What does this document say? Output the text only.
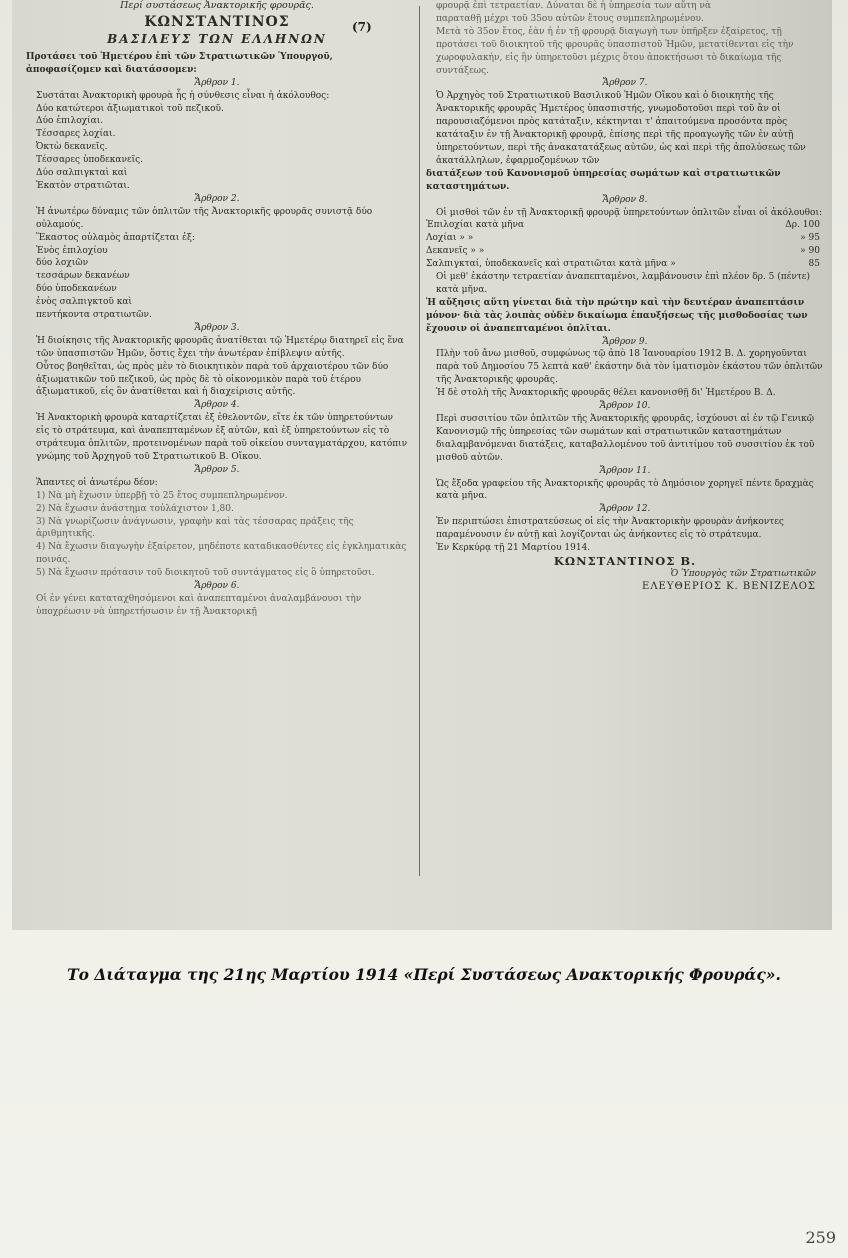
(7)

Περί συστάσεως Ἀνακτορικῆς φρουρᾶς.

ΚΩΝΣΤΑΝΤΙΝΟΣ

ΒΑΣΙΛΕΥΣ ΤΩΝ ΕΛΛΗΝΩΝ

Προτάσει τοῦ Ἡμετέρου ἐπὶ τῶν Στρατιωτικῶν Ὑπουργοῦ, ἀποφασίζομεν καὶ διατάσσομεν:

Ἄρθρον 1.

Συστάται Ἀνακτορικὴ φρουρὰ ἧς ἡ σύνθεσις εἶναι ἡ ἀκόλουθος:

Δύο κατώτεροι ἀξιωματικοὶ τοῦ πεζικοῦ.

Δύο ἐπιλοχίαι.

Τέσσαρες λοχίαι.

Ὀκτὼ δεκανεῖς.

Τέσσαρες ὑποδεκανεῖς.

Δύο σαλπιγκταὶ καὶ

Ἑκατὸν στρατιῶται.

Ἄρθρον 2.

Ἡ ἀνωτέρω δύναμις τῶν ὁπλιτῶν τῆς Ἀνακτορικῆς φρουρᾶς συνιστᾷ δύο οὐλαμούς.

Ἕκαστος οὐλαμὸς ἀπαρτίζεται ἐξ:

Ἑνὸς ἐπιλοχίου

δύο λοχιῶν

τεσσάρων δεκανέων

δύο ὑποδεκανέων

ἑνὸς σαλπιγκτοῦ καὶ

πεντήκοντα στρατιωτῶν.

Ἄρθρον 3.

Ἡ διοίκησις τῆς Ἀνακτορικῆς φρουρᾶς ἀνατίθεται τῷ Ἡμετέρῳ διατηρεῖ εἰς ἕνα τῶν ὑπασπιστῶν Ἡμῶν, ὅστις ἔχει τὴν ἀνωτέραν ἐπίβλεψιν αὐτῆς.

Οὗτος βοηθεῖται, ὡς πρὸς μὲν τὸ διοικητικὸν παρὰ τοῦ ἀρχαιοτέρου τῶν δύο ἀξιωματικῶν τοῦ πεζικοῦ, ὡς πρὸς δὲ τὸ οἰκονομικὸν παρὰ τοῦ ἑτέρου ἀξιωματικοῦ, εἰς ὃν ἀνατίθεται καὶ ἡ διαχείρισις αὐτῆς.

Ἄρθρον 4.

Ἡ Ἀνακτορικὴ φρουρὰ καταρτίζεται ἐξ ἐθελοντῶν, εἴτε ἐκ τῶν ὑπηρετούντων εἰς τὸ στράτευμα, καὶ ἀναπεπταμένων ἐξ αὐτῶν, καὶ ἐξ ὑπηρετούντων εἰς τὸ στράτευμα ὁπλιτῶν, προτεινομένων παρὰ τοῦ οἰκείου συνταγματάρχου, κατόπιν γνώμης τοῦ Ἀρχηγοῦ τοῦ Στρατιωτικοῦ Β. Οἴκου.

Ἄρθρον 5.

Ἅπαντες οἱ ἀνωτέρω δέον:

1) Νὰ μὴ ἔχωσιν ὑπερβῇ τὸ 25 ἔτος συμπεπληρωμένον.

2) Νὰ ἔχωσιν ἀνάστημα τοὐλάχιστον 1,80.

3) Νὰ γνωρίζωσιν ἀνάγνωσιν, γραφὴν καὶ τὰς τέσσαρας πράξεις τῆς ἀριθμητικῆς.

4) Νὰ ἔχωσιν διαγωγὴν ἐξαίρετον, μηδέποτε καταδικασθέντες εἰς ἐγκληματικὰς ποινάς.

5) Νὰ ἔχωσιν πρότασιν τοῦ διοικητοῦ τοῦ συντάγματος εἰς ὃ ὑπηρετοῦσι.

Ἄρθρον 6.

Οἱ ἐν γένει καταταχθησόμενοι καὶ ἀναπεπταμένοι ἀναλαμβάνουσι τὴν ὑποχρέωσιν νὰ ὑπηρετήσωσιν ἐν τῇ Ἀνακτορικῇ

φρουρᾷ ἐπὶ τετραετίαν. Δύναται δὲ ἡ ὑπηρεσία των αὕτη νὰ

παραταθῇ μέχρι τοῦ 35ου αὐτῶν ἔτους συμπεπληρωμένου.

Μετὰ τὸ 35ον ἔτος, ἐὰν ἡ ἐν τῇ φρουρᾷ διαγωγὴ των ὑπῆρξεν ἐξαίρετος, τῇ προτάσει τοῦ διοικητοῦ τῆς φρουρᾶς ὑπασπιστοῦ Ἡμῶν, μετατίθενται εἰς τὴν χωροφυλακήν, εἰς ἣν ὑπηρετοῦσι μέχρις ὅτου ἀποκτήσωσι τὸ δικαίωμα τῆς συντάξεως.

Ἄρθρον 7.

Ὁ Ἀρχηγὸς τοῦ Στρατιωτικοῦ Βασιλικοῦ Ἡμῶν Οἴκου καὶ ὁ διοικητὴς τῆς Ἀνακτορικῆς φρουρᾶς Ἡμετέρος ὑπασπιστής, γνωμοδοτοῦσι περὶ τοῦ ἂν οἱ παρουσιαζόμενοι πρὸς κατάταξιν, κέκτηνται τ' ἀπαιτούμενα προσόντα πρὸς κατάταξιν ἐν τῇ Ἀνακτορικῇ φρουρᾷ, ἐπίσης περὶ τῆς προαγωγῆς τῶν ἐν αὐτῇ ὑπηρετούντων, περὶ τῆς ἀνακατατάξεως αὐτῶν, ὡς καὶ περὶ τῆς ἀπολύσεως τῶν ἀκατάλληλων, ἐφαρμοζομένων τῶν

διατάξεων τοῦ Κανονισμοῦ ὑπηρεσίας σωμάτων καὶ στρατιωτικῶν καταστημάτων.

Ἄρθρον 8.

Οἱ μισθοὶ τῶν ἐν τῇ Ἀνακτορικῇ φρουρᾷ ὑπηρετούντων ὁπλιτῶν εἶναι οἱ ἀκόλουθοι:

Ἐπιλοχίαι κατὰ μῆνα	Δρ. 100

Λοχίαι » »	» 95

Δεκανεῖς » »	» 90

Σαλπιγκταί, ὑποδεκανεῖς καὶ στρατιῶται κατὰ μῆνα »	85

Οἱ μεθ' ἑκάστην τετραετίαν ἀναπεπταμένοι, λαμβάνουσιν ἐπὶ πλέον δρ. 5 (πέντε) κατὰ μῆνα.

Ἡ αὔξησις αὕτη γίνεται διὰ τὴν πρώτην καὶ τὴν δευτέραν ἀναπεπτάσιν μόνον· διὰ τὰς λοιπὰς οὐδὲν δικαίωμα ἐπαυξήσεως τῆς μισθοδοσίας των ἔχουσιν οἱ ἀναπεπταμένοι ὁπλῖται.

Ἄρθρον 9.

Πλὴν τοῦ ἄνω μισθοῦ, συμφώνως τῷ ἀπὸ 18 Ἰανουαρίου 1912 Β. Δ. χορηγοῦνται παρὰ τοῦ Δημοσίου 75 λεπτὰ καθ' ἑκάστην διὰ τὸν ἱματισμὸν ἑκάστου τῶν ὁπλιτῶν τῆς Ἀνακτορικῆς φρουρᾶς.

Ἡ δὲ στολὴ τῆς Ἀνακτορικῆς φρουρᾶς θέλει κανονισθῇ δι' Ἡμετέρου Β. Δ.

Ἄρθρον 10.

Περὶ συσσιτίου τῶν ὁπλιτῶν τῆς Ἀνακτορικῆς φρουρᾶς, ἰσχύουσι αἱ ἐν τῷ Γενικῷ Κανονισμῷ τῆς ὑπηρεσίας τῶν σωμάτων καὶ στρατιωτικῶν καταστημάτων διαλαμβανόμεναι διατάξεις, καταβαλλομένου τοῦ ἀντιτίμου τοῦ συσσιτίου ἐκ τοῦ μισθοῦ αὐτῶν.

Ἄρθρον 11.

Ὡς ἔξοδα γραφείου τῆς Ἀνακτορικῆς φρουρᾶς τὸ Δημόσιον χορηγεῖ πέντε δραχμὰς κατὰ μῆνα.

Ἄρθρον 12.

Ἐν περιπτώσει ἐπιστρατεύσεως οἱ εἰς τὴν Ἀνακτορικὴν φρουρὰν ἀνήκοντες παραμένουσιν ἐν αὐτῇ καὶ λογίζονται ὡς ἀνήκοντες εἰς τὸ στράτευμα.

Ἐν Κερκύρᾳ τῇ 21 Μαρτίου 1914.

ΚΩΝΣΤΑΝΤΙΝΟΣ Β.

Ὁ Ὑπουργὸς τῶν Στρατιωτικῶν

ΕΛΕΥΘΕΡΙΟΣ Κ. ΒΕΝΙΖΕΛΟΣ

Το Διάταγμα της 21ης Μαρτίου 1914 «Περί Συστάσεως Ανακτορικής Φρουράς».
259
